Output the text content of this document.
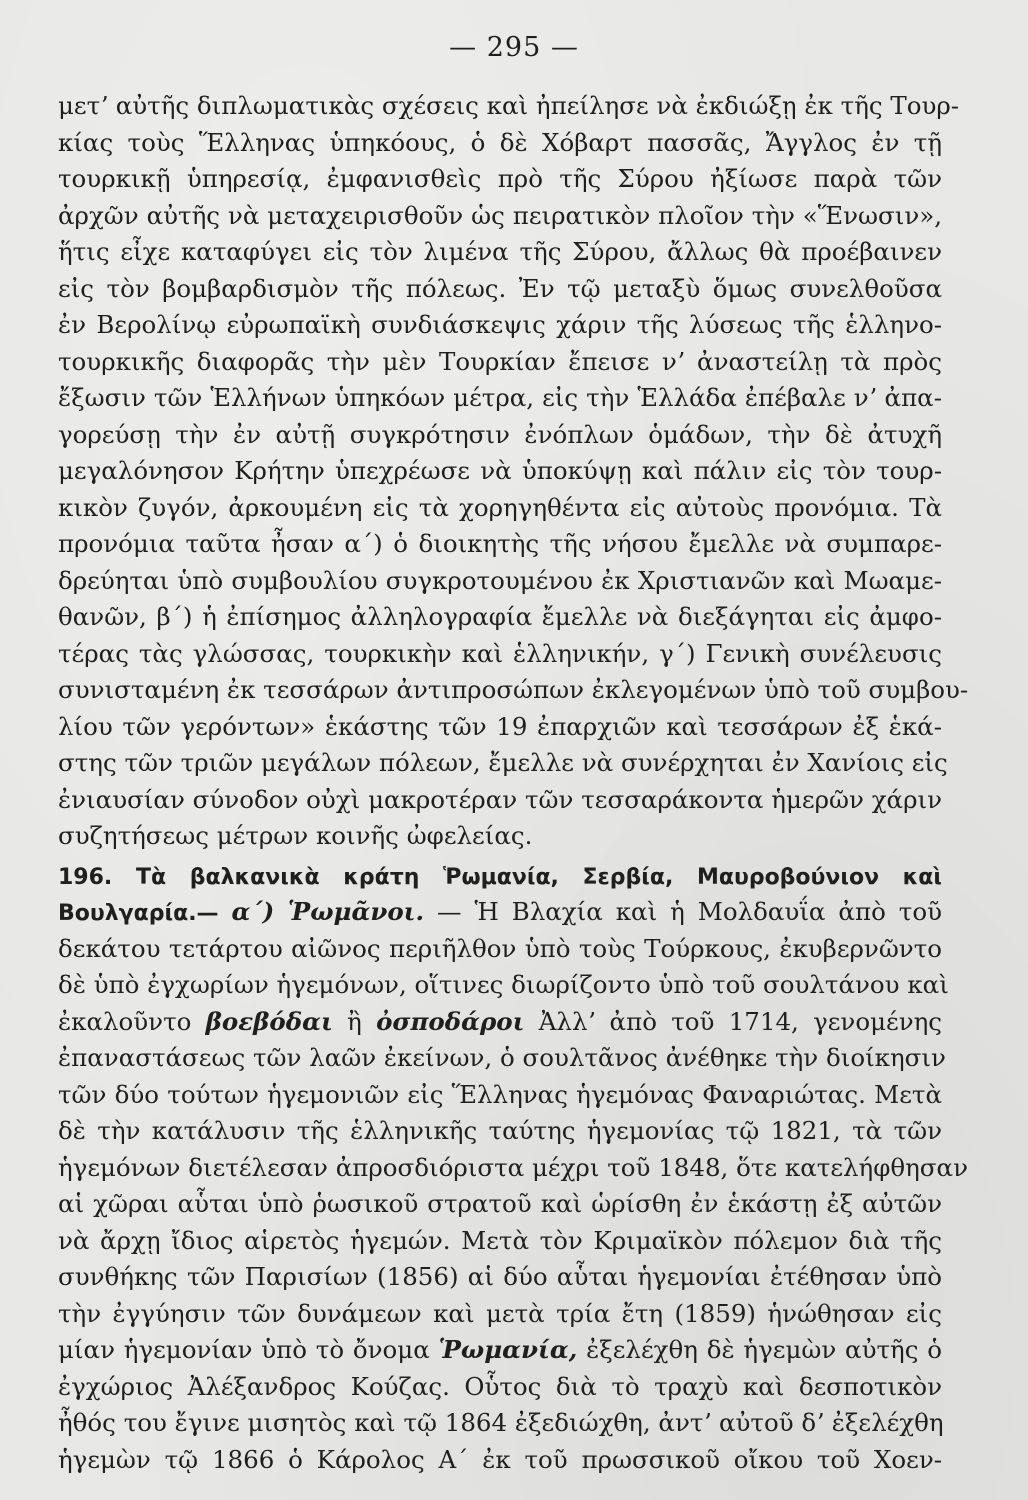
— 295 —
μετʼ αὐτῆς διπλωματικὰς σχέσεις καὶ ἠπείλησε νὰ ἐκδιώξῃ ἐκ τῆς Τουρ-
κίας τοὺς Ἕλληνας ὑπηκόους, ὁ δὲ Χόβαρτ πασσᾶς, Ἄγγλος ἐν τῇ
τουρκικῇ ὑπηρεσίᾳ, ἐμφανισθεὶς πρὸ τῆς Σύρου ἠξίωσε παρὰ τῶν
ἀρχῶν αὐτῆς νὰ μεταχειρισθοῦν ὡς πειρατικὸν πλοῖον τὴν «Ἕνωσιν»,
ἥτις εἶχε καταφύγει εἰς τὸν λιμένα τῆς Σύρου, ἄλλως θὰ προέβαινεν
εἰς τὸν βομβαρδισμὸν τῆς πόλεως. Ἐν τῷ μεταξὺ ὅμως συνελθοῦσα
ἐν Βερολίνῳ εὐρωπαϊκὴ συνδιάσκεψις χάριν τῆς λύσεως τῆς ἑλληνο-
τουρκικῆς διαφορᾶς τὴν μὲν Τουρκίαν ἔπεισε νʼ ἀναστείλῃ τὰ πρὸς
ἔξωσιν τῶν Ἑλλήνων ὑπηκόων μέτρα, εἰς τὴν Ἑλλάδα ἐπέβαλε νʼ ἀπα-
γορεύσῃ τὴν ἐν αὐτῇ συγκρότησιν ἐνόπλων ὁμάδων, τὴν δὲ ἀτυχῆ
μεγαλόνησον Κρήτην ὑπεχρέωσε νὰ ὑποκύψῃ καὶ πάλιν εἰς τὸν τουρ-
κικὸν ζυγόν, ἀρκουμένη εἰς τὰ χορηγηθέντα εἰς αὐτοὺς προνόμια. Τὰ
προνόμια ταῦτα ἦσαν α΄) ὁ διοικητὴς τῆς νήσου ἔμελλε νὰ συμπαρε-
δρεύηται ὑπὸ συμβουλίου συγκροτουμένου ἐκ Χριστιανῶν καὶ Μωαμε-
θανῶν, β΄) ἡ ἐπίσημος ἀλληλογραφία ἔμελλε νὰ διεξάγηται εἰς ἀμφο-
τέρας τὰς γλώσσας, τουρκικὴν καὶ ἑλληνικήν, γ΄) Γενικὴ συνέλευσις
συνισταμένη ἐκ τεσσάρων ἀντιπροσώπων ἐκλεγομένων ὑπὸ τοῦ συμβου-
λίου τῶν γερόντων» ἑκάστης τῶν 19 ἐπαρχιῶν καὶ τεσσάρων ἐξ ἑκά-
στης τῶν τριῶν μεγάλων πόλεων, ἔμελλε νὰ συνέρχηται ἐν Χανίοις εἰς
ἐνιαυσίαν σύνοδον οὐχὶ μακροτέραν τῶν τεσσαράκοντα ἡμερῶν χάριν
συζητήσεως μέτρων κοινῆς ὠφελείας.
196. Τὰ βαλκανικὰ κράτη Ῥωμανία, Σερβία, Μαυροβούνιον καὶ
Βουλγαρία.— α΄) Ῥωμᾶνοι. — Ἡ Βλαχία καὶ ἡ Μολδαυΐα ἀπὸ τοῦ
δεκάτου τετάρτου αἰῶνος περιῆλθον ὑπὸ τοὺς Τούρκους, ἐκυβερνῶντο
δὲ ὑπὸ ἐγχωρίων ἡγεμόνων, οἵτινες διωρίζοντο ὑπὸ τοῦ σουλτάνου καὶ
ἐκαλοῦντο βοεβόδαι ἢ ὀσποδάροι Ἀλλʼ ἀπὸ τοῦ 1714, γενομένης
ἐπαναστάσεως τῶν λαῶν ἐκείνων, ὁ σουλτᾶνος ἀνέθηκε τὴν διοίκησιν
τῶν δύο τούτων ἡγεμονιῶν εἰς Ἕλληνας ἡγεμόνας Φαναριώτας. Μετὰ
δὲ τὴν κατάλυσιν τῆς ἑλληνικῆς ταύτης ἡγεμονίας τῷ 1821, τὰ τῶν
ἡγεμόνων διετέλεσαν ἀπροσδιόριστα μέχρι τοῦ 1848, ὅτε κατελήφθησαν
αἱ χῶραι αὗται ὑπὸ ῥωσικοῦ στρατοῦ καὶ ὡρίσθη ἐν ἑκάστῃ ἐξ αὐτῶν
νὰ ἄρχῃ ἴδιος αἱρετὸς ἡγεμών. Μετὰ τὸν Κριμαϊκὸν πόλεμον διὰ τῆς
συνθήκης τῶν Παρισίων (1856) αἱ δύο αὗται ἡγεμονίαι ἐτέθησαν ὑπὸ
τὴν ἐγγύησιν τῶν δυνάμεων καὶ μετὰ τρία ἔτη (1859) ἡνώθησαν εἰς
μίαν ἡγεμονίαν ὑπὸ τὸ ὄνομα Ῥωμανία, ἐξελέχθη δὲ ἡγεμὼν αὐτῆς ὁ
ἐγχώριος Ἀλέξανδρος Κούζας. Οὗτος διὰ τὸ τραχὺ καὶ δεσποτικὸν
ἦθός του ἔγινε μισητὸς καὶ τῷ 1864 ἐξεδιώχθη, ἀντʼ αὐτοῦ δʼ ἐξελέχθη
ἡγεμὼν τῷ 1866 ὁ Κάρολος Α΄ ἐκ τοῦ πρωσσικοῦ οἴκου τοῦ Χοεν-
